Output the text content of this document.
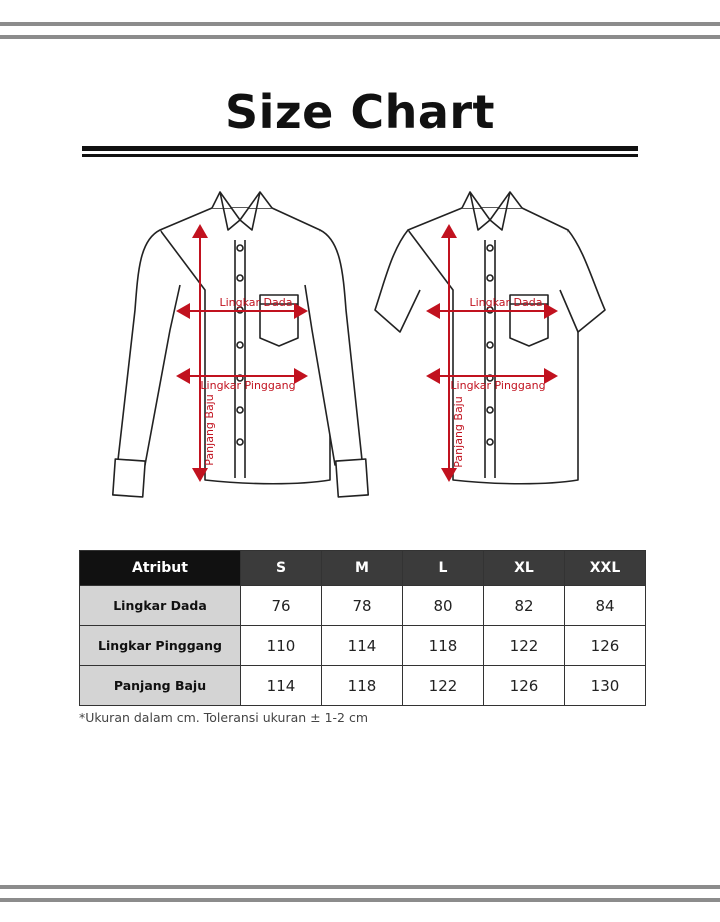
Size Chart
Lingkar Dada
Lingkar Pinggang
Panjang Baju
Lingkar Dada
Lingkar Pinggang
Panjang Baju
Atribut	S	M	L	XL	XXL
Lingkar Dada	76	78	80	82	84
Lingkar Pinggang	110	114	118	122	126
Panjang Baju	114	118	122	126	130
*Ukuran dalam cm. Toleransi ukuran ± 1-2 cm
